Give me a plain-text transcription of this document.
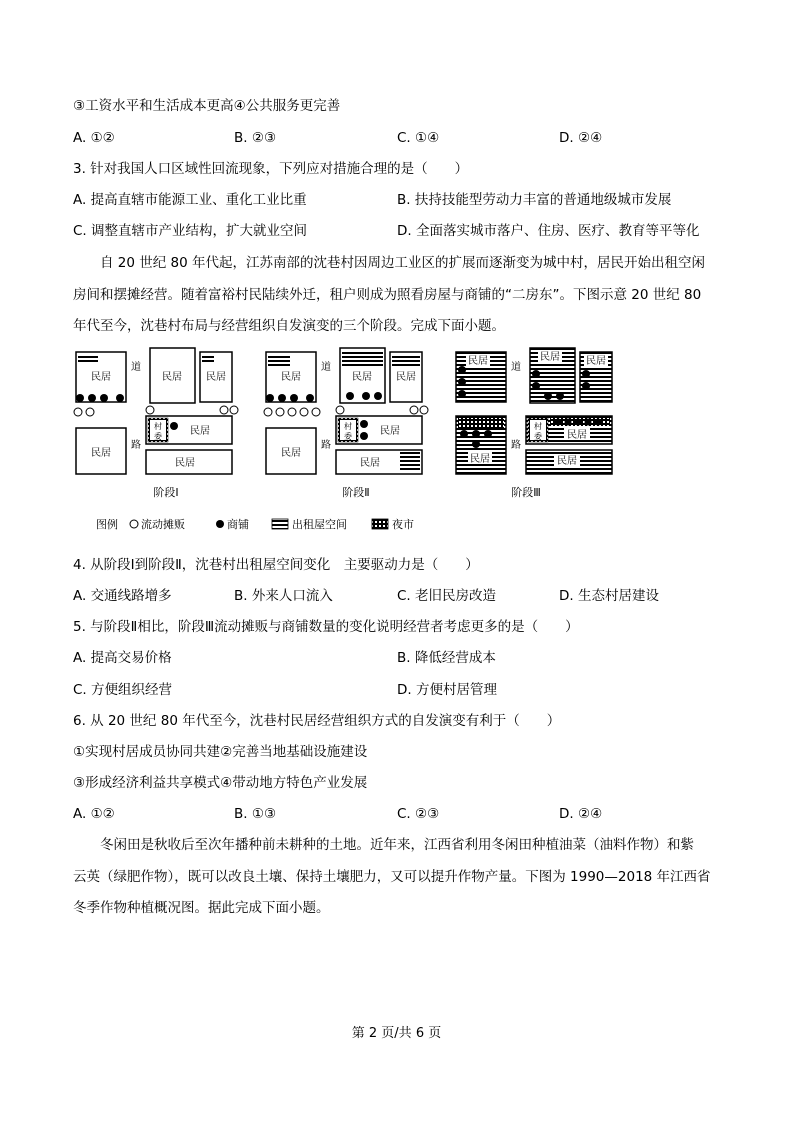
③工资水平和生活成本更高④公共服务更完善
A. ①②	B. ②③	C. ①④	D. ②④
3. 针对我国人口区域性回流现象，下列应对措施合理的是（　　）
A. 提高直辖市能源工业、重化工业比重	B. 扶持技能型劳动力丰富的普通地级城市发展
C. 调整直辖市产业结构，扩大就业空间	D. 全面落实城市落户、住房、医疗、教育等平等化
自 20 世纪 80 年代起，江苏南部的沈巷村因周边工业区的扩展而逐渐变为城中村，居民开始出租空闲
房间和摆摊经营。随着富裕村民陆续外迁，租户则成为照看房屋与商铺的“二房东”。下图示意 20 世纪 80
年代至今，沈巷村布局与经营组织自发演变的三个阶段。完成下面小题。
民居	民居 民居
道
路
民居
村
委	民居
民居
阶段Ⅰ
民居	民居 民居
道
路
民居
村
委	民居
民居
阶段Ⅱ
民居	民居	民居
道
路
民居
村
委	民居
民居
阶段Ⅲ
图例 流动摊贩	商铺	出租屋空间	夜市
4. 从阶段Ⅰ到阶段Ⅱ，沈巷村出租屋空间变化　主要驱动力是（　　）
A. 交通线路增多	B. 外来人口流入	C. 老旧民房改造	D. 生态村居建设
5. 与阶段Ⅱ相比，阶段Ⅲ流动摊贩与商铺数量的变化说明经营者考虑更多的是（　　）
A. 提高交易价格	B. 降低经营成本
C. 方便组织经营	D. 方便村居管理
6. 从 20 世纪 80 年代至今，沈巷村民居经营组织方式的自发演变有利于（　　）
①实现村居成员协同共建②完善当地基础设施建设
③形成经济利益共享模式④带动地方特色产业发展
A. ①②	B. ①③	C. ②③	D. ②④
冬闲田是秋收后至次年播种前未耕种的土地。近年来，江西省利用冬闲田种植油菜（油料作物）和紫
云英（绿肥作物），既可以改良土壤、保持土壤肥力，又可以提升作物产量。下图为 1990—2018 年江西省
冬季作物种植概况图。据此完成下面小题。
第 2 页/共 6 页
